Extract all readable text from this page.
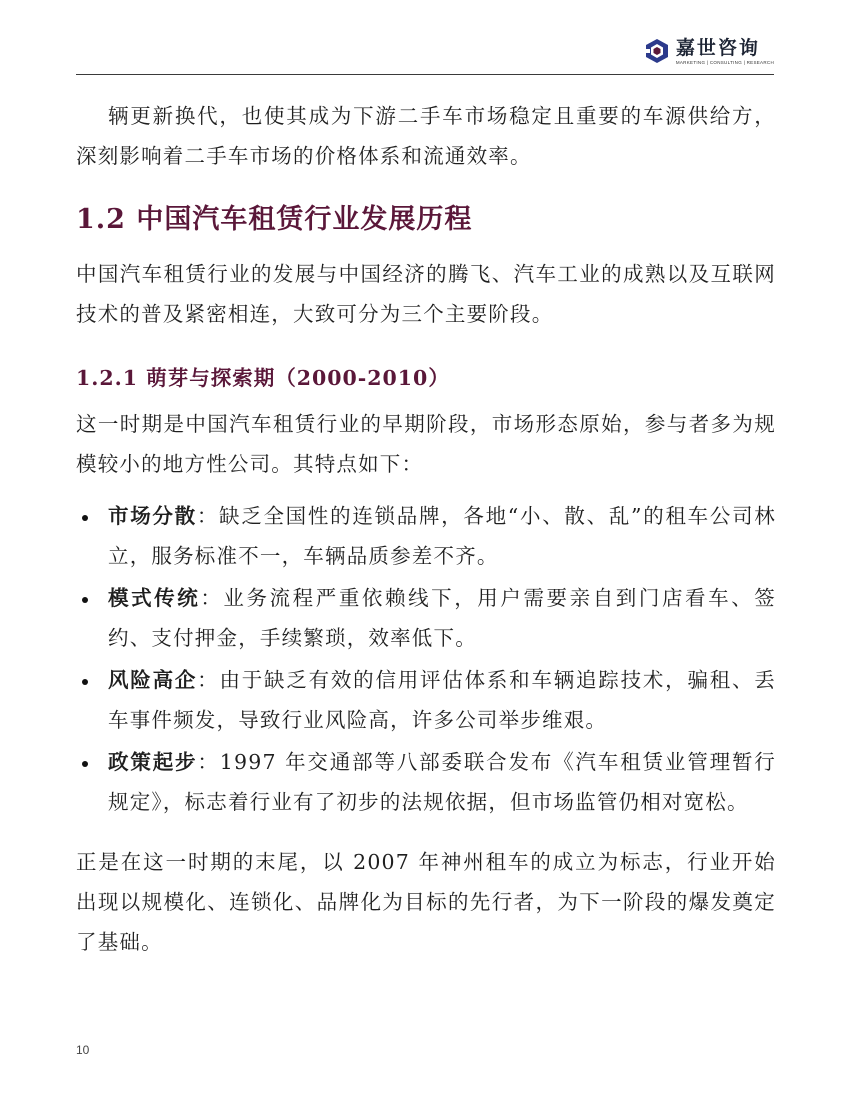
嘉世咨询
MARKETING | CONSULTING | RESEARCH

辆更新换代，也使其成为下游二手车市场稳定且重要的车源供给方，深刻影响着二手车市场的价格体系和流通效率。

1.2 中国汽车租赁行业发展历程

中国汽车租赁行业的发展与中国经济的腾飞、汽车工业的成熟以及互联网技术的普及紧密相连，大致可分为三个主要阶段。

1.2.1 萌芽与探索期（2000-2010）

这一时期是中国汽车租赁行业的早期阶段，市场形态原始，参与者多为规模较小的地方性公司。其特点如下：

市场分散：缺乏全国性的连锁品牌，各地“小、散、乱”的租车公司林立，服务标准不一，车辆品质参差不齐。
模式传统：业务流程严重依赖线下，用户需要亲自到门店看车、签约、支付押金，手续繁琐，效率低下。
风险高企：由于缺乏有效的信用评估体系和车辆追踪技术，骗租、丢车事件频发，导致行业风险高，许多公司举步维艰。
政策起步：1997 年交通部等八部委联合发布《汽车租赁业管理暂行规定》，标志着行业有了初步的法规依据，但市场监管仍相对宽松。

正是在这一时期的末尾，以 2007 年神州租车的成立为标志，行业开始出现以规模化、连锁化、品牌化为目标的先行者，为下一阶段的爆发奠定了基础。

10
